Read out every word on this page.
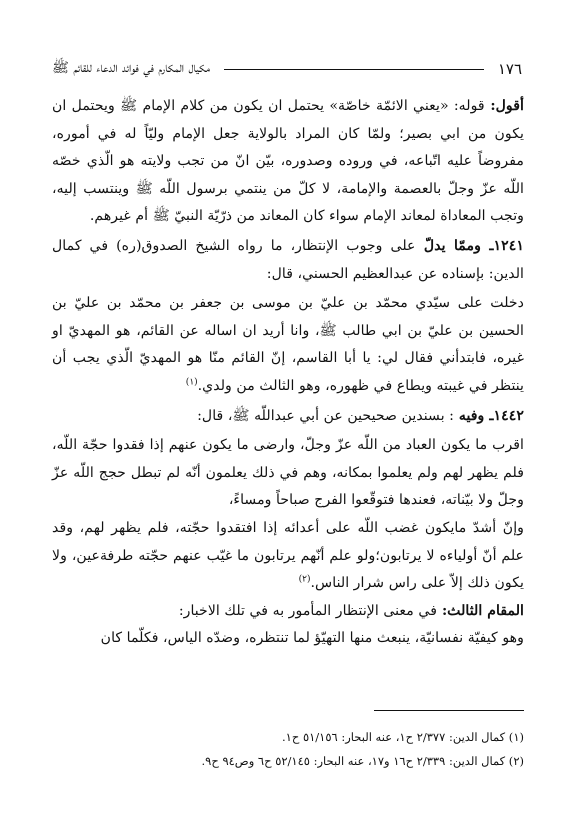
١٧٦
مكيال المكارم في فوائد الدعاء للقائم ﷺ

أقول: قوله: «يعني الائمّة خاصّة» يحتمل ان يكون من كلام الإمام ﷺ ويحتمل ان يكون من ابي بصير؛ ولمّا كان المراد بالولاية جعل الإمام وليّاً له في أموره، مفروضاً عليه اتّباعه، في وروده وصدوره، بيّن انّ من تجب ولايته هو الّذي خصّه اللّه عزّ وجلّ بالعصمة والإمامة، لا كلّ من ينتمي برسول اللّه ﷺ وينتسب إليه، وتجب المعاداة لمعاند الإمام سواء كان المعاند من ذرّيّة النبيّ ﷺ أم غيرهم.

١٢٤١ـ وممّا يدلّ على وجوب الإنتظار، ما رواه الشيخ الصدوق(ره) في كمال الدين: بإسناده عن عبدالعظيم الحسني، قال:

دخلت على سيّدي محمّد بن عليّ بن موسى بن جعفر بن محمّد بن عليّ بن الحسين بن عليّ بن ابي طالب ﷺ، وانا أريد ان اساله عن القائم، هو المهديّ او غيره، فابتدأني فقال لي: يا أبا القاسم، إنّ القائم منّا هو المهديّ الّذي يجب أن ينتظر في غيبته ويطاع في ظهوره، وهو الثالث من ولدي.$^{(١)}$

١٤٤٢ـ وفيه : بسندين صحيحين عن أبي عبداللّه ﷺ، قال:

اقرب ما يكون العباد من اللّه عزّ وجلّ، وارضى ما يكون عنهم إذا فقدوا حجّة اللّه، فلم يظهر لهم ولم يعلموا بمكانه، وهم في ذلك يعلمون أنّه لم تبطل حجج اللّه عزّ وجلّ ولا بيّناته، فعندها فتوقّعوا الفرج صباحاً ومساءً،

وإنّ أشدّ مايكون غضب اللّه على أعدائه إذا افتقدوا حجّته، فلم يظهر لهم، وقد علم أنّ أولياءه لا يرتابون؛ولو علم أنّهم يرتابون ما غيّب عنهم حجّته طرفةعين، ولا يكون ذلك إلاّ على راس شرار الناس.$^{(٢)}$

المقام الثالث: في معنى الإنتظار المأمور به في تلك الاخبار:

وهو كيفيّة نفسانيّة، ينبعث منها التهيّؤ لما تنتظره، وضدّه الياس، فكلّما كان

(١) كمال الدين: ٢/٣٧٧ ح١، عنه البحار: ٥١/١٥٦ ح١.

(٢) كمال الدين: ٢/٣٣٩ ح١٦ و١٧، عنه البحار: ٥٢/١٤٥ ح٦ وص٩٤ ح٩.
